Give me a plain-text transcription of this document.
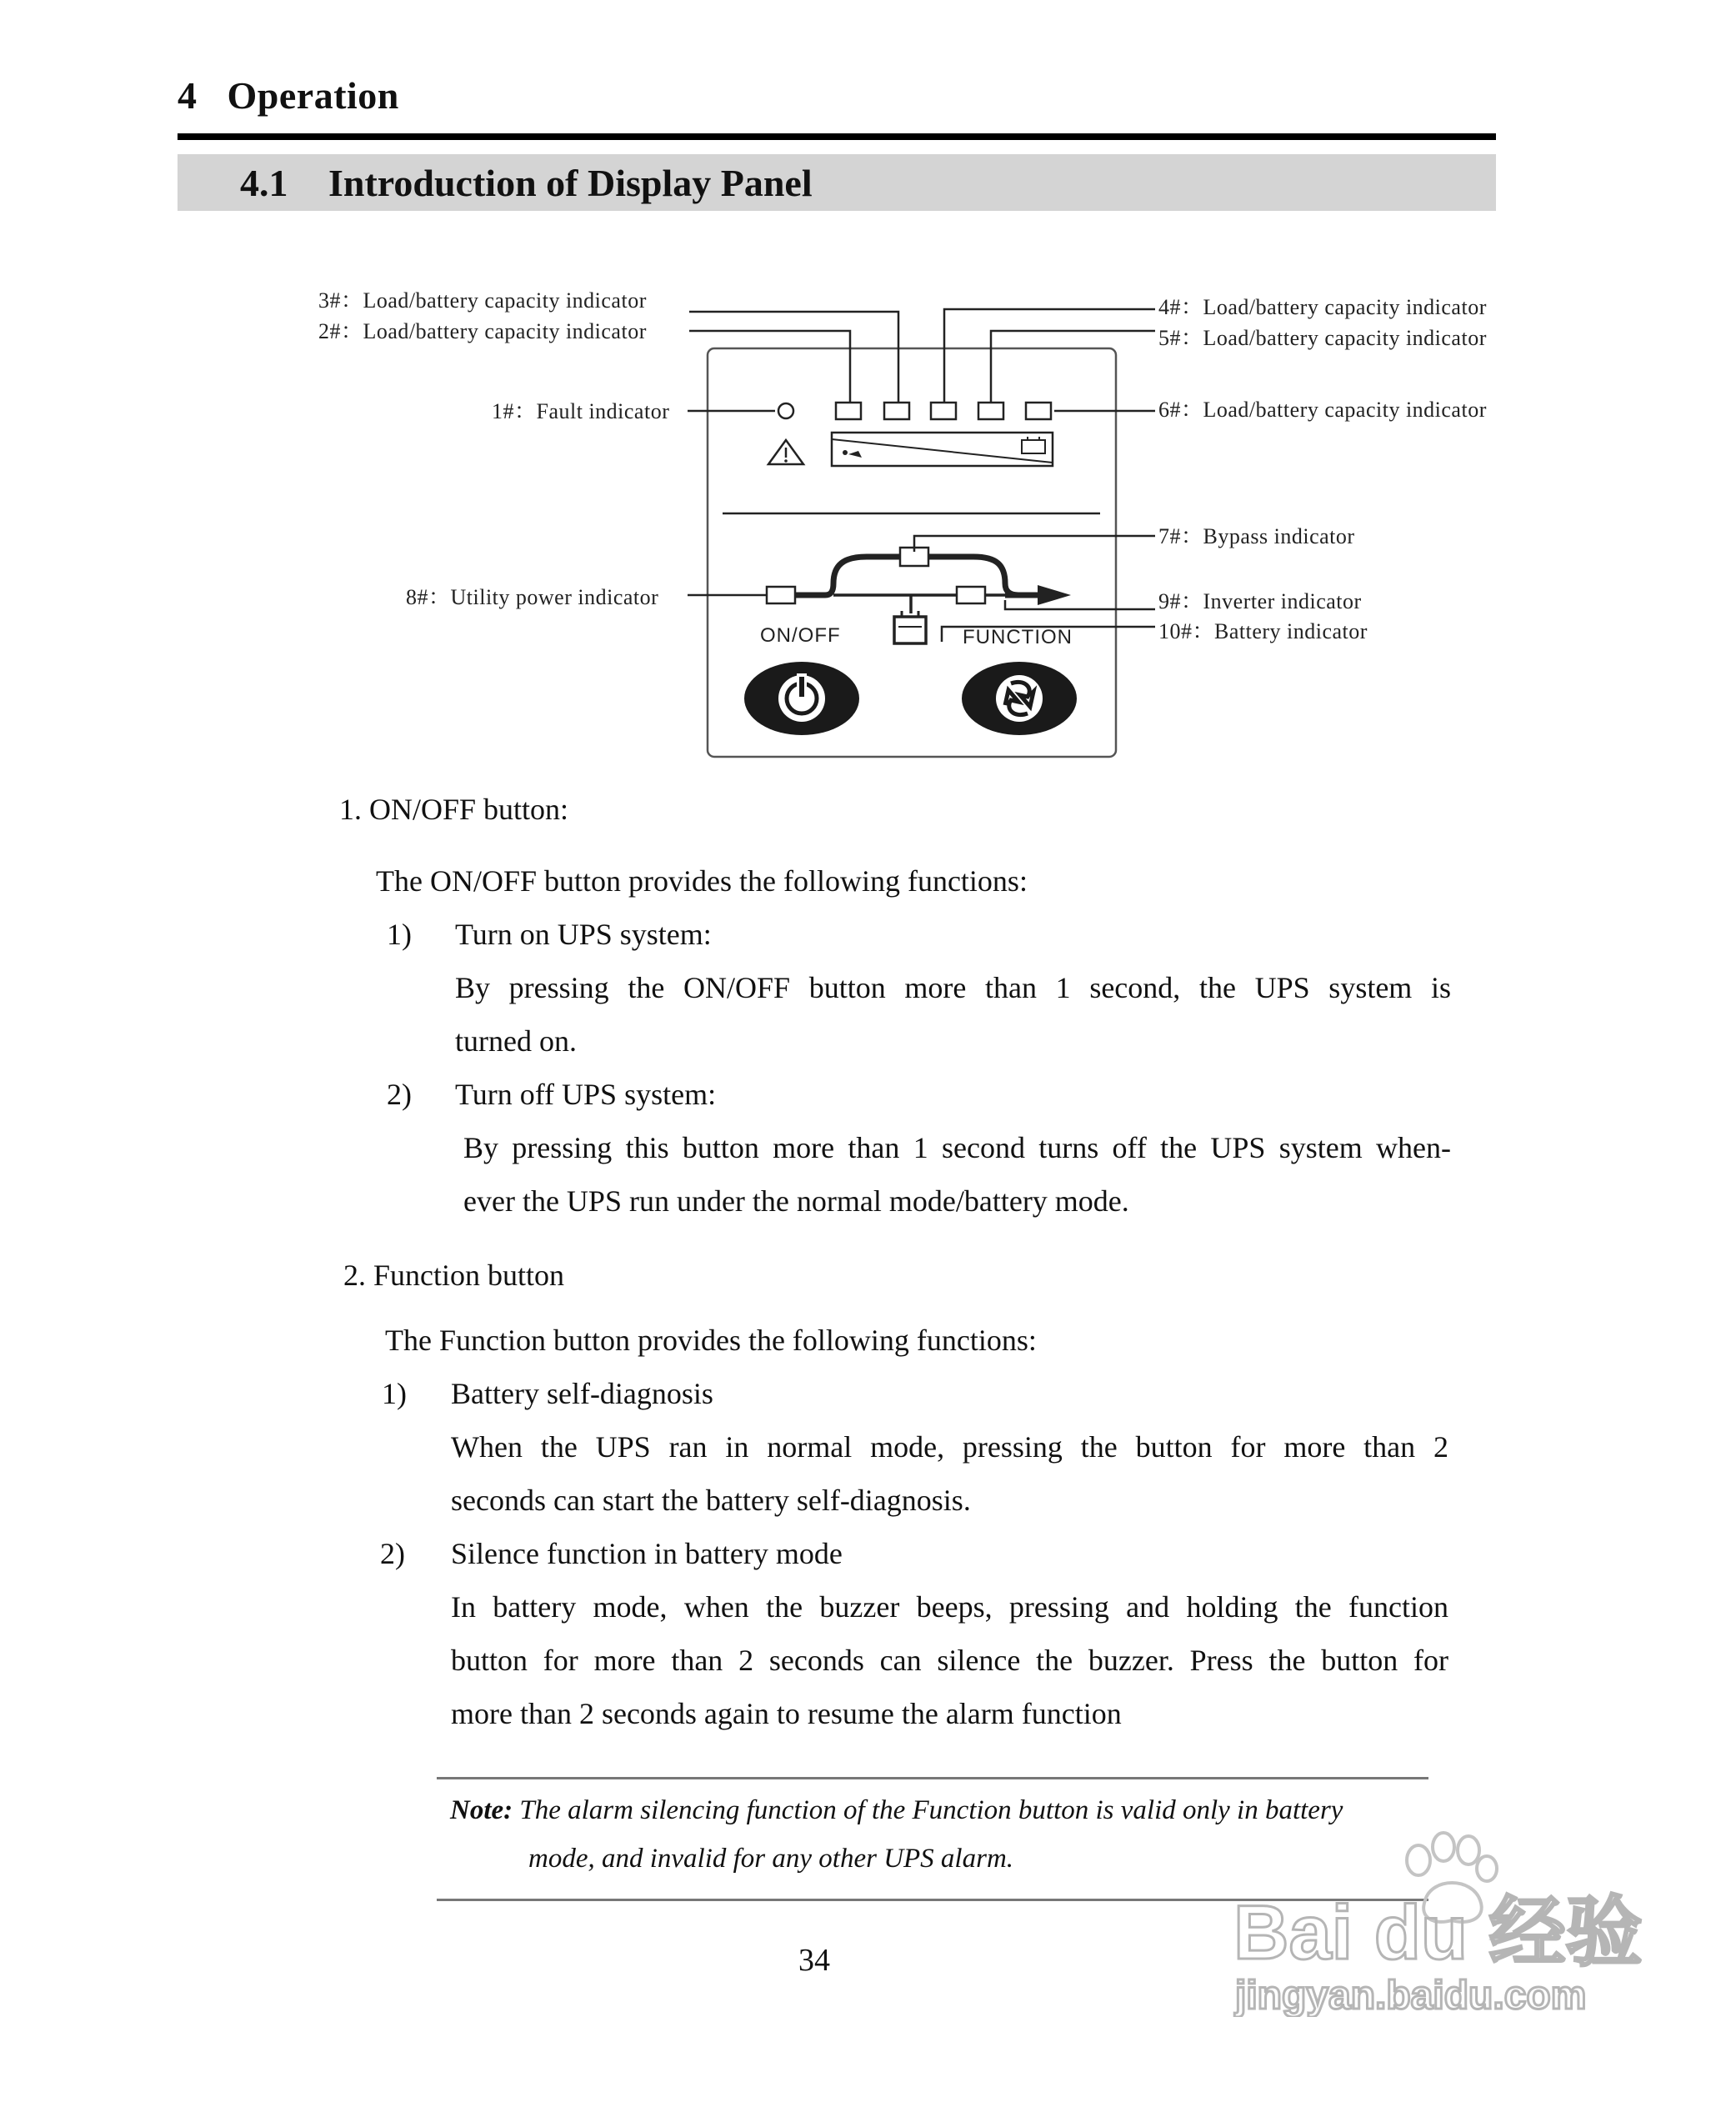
4 Operation
4.1 Introduction of Display Panel
3#：Load/battery capacity indicator
2#：Load/battery capacity indicator
1#：Fault indicator
8#：Utility power indicator
4#：Load/battery capacity indicator
5#：Load/battery capacity indicator
6#：Load/battery capacity indicator
7#：Bypass indicator
9#：Inverter indicator
10#：Battery indicator
ON/OFF	FUNCTION
1. ON/OFF button:
The ON/OFF button provides the following functions:
1) Turn on UPS system:
By pressing the ON/OFF button more than 1 second, the UPS system is
turned on.
2) Turn off UPS system:
By pressing this button more than 1 second turns off the UPS system when-
ever the UPS run under the normal mode/battery mode.
2. Function button
The Function button provides the following functions:
1) Battery self-diagnosis
When the UPS ran in normal mode, pressing the button for more than 2
seconds can start the battery self-diagnosis.
2) Silence function in battery mode
In battery mode, when the buzzer beeps, pressing and holding the function
button for more than 2 seconds can silence the buzzer. Press the button for
more than 2 seconds again to resume the alarm function
Note: The alarm silencing function of the Function button is valid only in battery
mode, and invalid for any other UPS alarm.
34	Bai du 经验
jingyan.baidu.com
